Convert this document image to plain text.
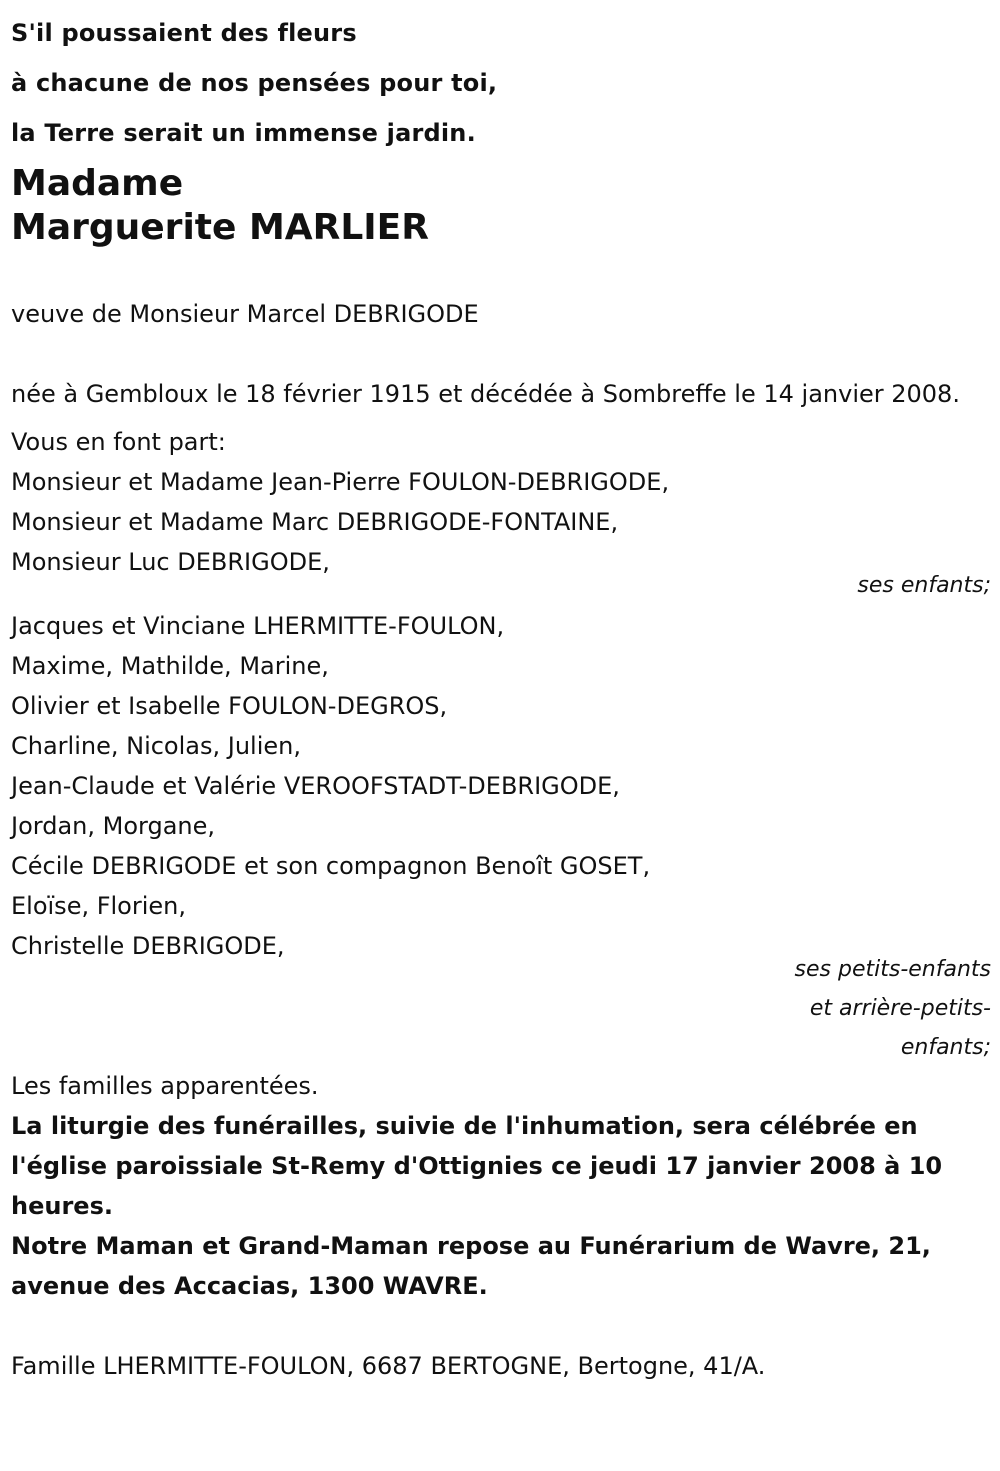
S'il poussaient des fleurs
à chacune de nos pensées pour toi,
la Terre serait un immense jardin.
Madame
Marguerite MARLIER
veuve de Monsieur Marcel DEBRIGODE
née à Gembloux le 18 février 1915 et décédée à Sombreffe le 14 janvier 2008.
Vous en font part:
Monsieur et Madame Jean-Pierre FOULON-DEBRIGODE,
Monsieur et Madame Marc DEBRIGODE-FONTAINE,
Monsieur Luc DEBRIGODE,
ses enfants;
Jacques et Vinciane LHERMITTE-FOULON,
Maxime, Mathilde, Marine,
Olivier et Isabelle FOULON-DEGROS,
Charline, Nicolas, Julien,
Jean-Claude et Valérie VEROOFSTADT-DEBRIGODE,
Jordan, Morgane,
Cécile DEBRIGODE et son compagnon Benoît GOSET,
Eloïse, Florien,
Christelle DEBRIGODE,
ses petits-enfants
et arrière-petits-
enfants;
Les familles apparentées.
La liturgie des funérailles, suivie de l'inhumation, sera célébrée en
l'église paroissiale St-Remy d'Ottignies ce jeudi 17 janvier 2008 à 10
heures.
Notre Maman et Grand-Maman repose au Funérarium de Wavre, 21,
avenue des Accacias, 1300 WAVRE.
Famille LHERMITTE-FOULON, 6687 BERTOGNE, Bertogne, 41/A.
